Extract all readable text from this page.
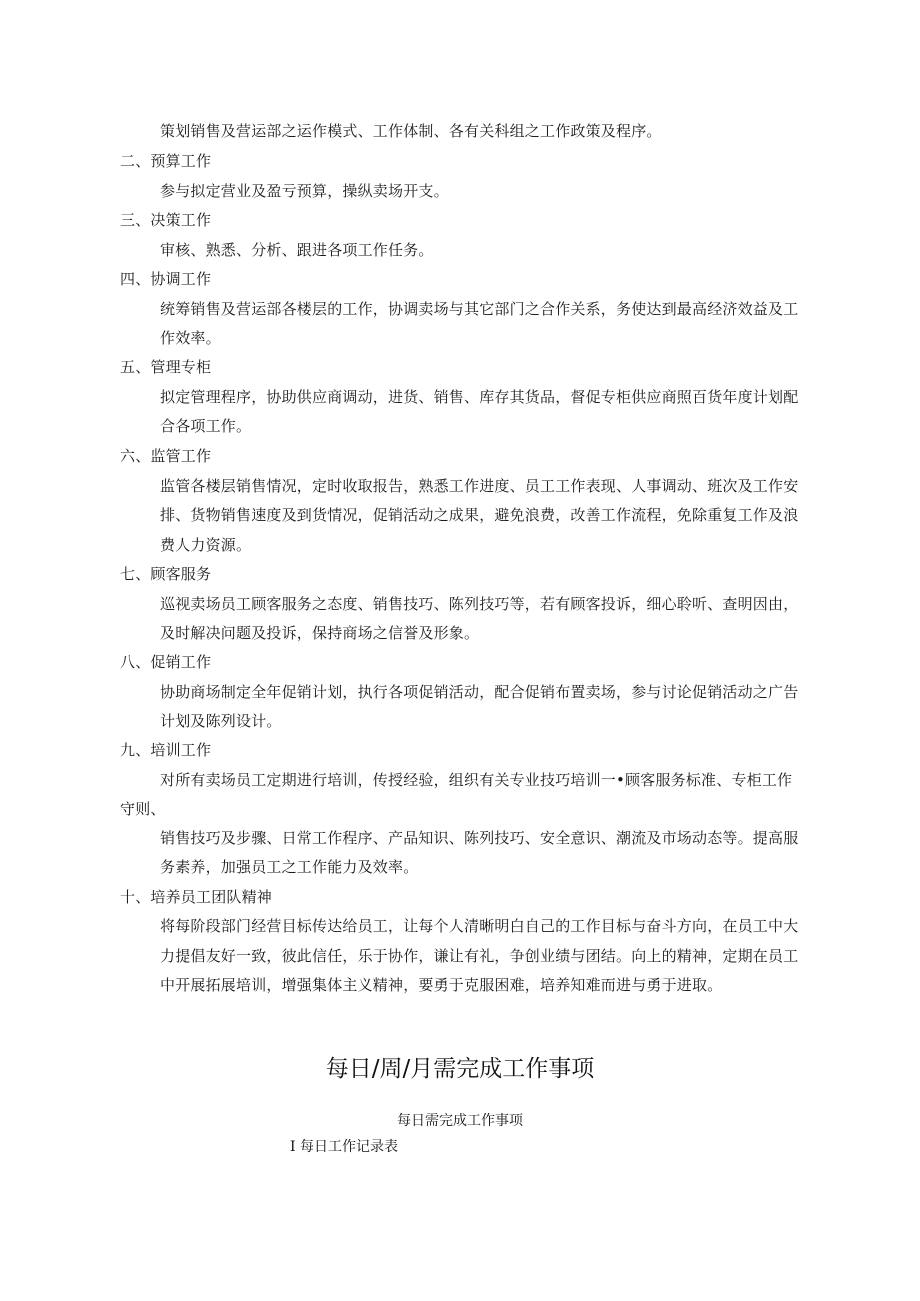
策划销售及营运部之运作模式、工作体制、各有关科组之工作政策及程序。
二、预算工作
参与拟定营业及盈亏预算，操纵卖场开支。
三、决策工作
审核、熟悉、分析、跟进各项工作任务。
四、协调工作
统筹销售及营运部各楼层的工作，协调卖场与其它部门之合作关系，务使达到最高经济效益及工
作效率。
五、管理专柜
拟定管理程序，协助供应商调动，进货、销售、库存其货品，督促专柜供应商照百货年度计划配
合各项工作。
六、监管工作
监管各楼层销售情况，定时收取报告，熟悉工作进度、员工工作表现、人事调动、班次及工作安
排、货物销售速度及到货情况，促销活动之成果，避免浪费，改善工作流程，免除重复工作及浪
费人力资源。
七、顾客服务
巡视卖场员工顾客服务之态度、销售技巧、陈列技巧等，若有顾客投诉，细心聆听、查明因由，
及时解决问题及投诉，保持商场之信誉及形象。
八、促销工作
协助商场制定全年促销计划，执行各项促销活动，配合促销布置卖场，参与讨论促销活动之广告
计划及陈列设计。
九、培训工作
对所有卖场员工定期进行培训，传授经验，组织有关专业技巧培训一•顾客服务标准、专柜工作
守则、
销售技巧及步骤、日常工作程序、产品知识、陈列技巧、安全意识、潮流及市场动态等。提高服
务素养，加强员工之工作能力及效率。
十、培养员工团队精神
将每阶段部门经营目标传达给员工，让每个人清晰明白自己的工作目标与奋斗方向，在员工中大
力提倡友好一致，彼此信任，乐于协作，谦让有礼，争创业绩与团结。向上的精神，定期在员工
中开展拓展培训，增强集体主义精神，要勇于克服困难，培养知难而进与勇于进取。
每日/周/月需完成工作事项
每日需完成工作事项
I 每日工作记录表
